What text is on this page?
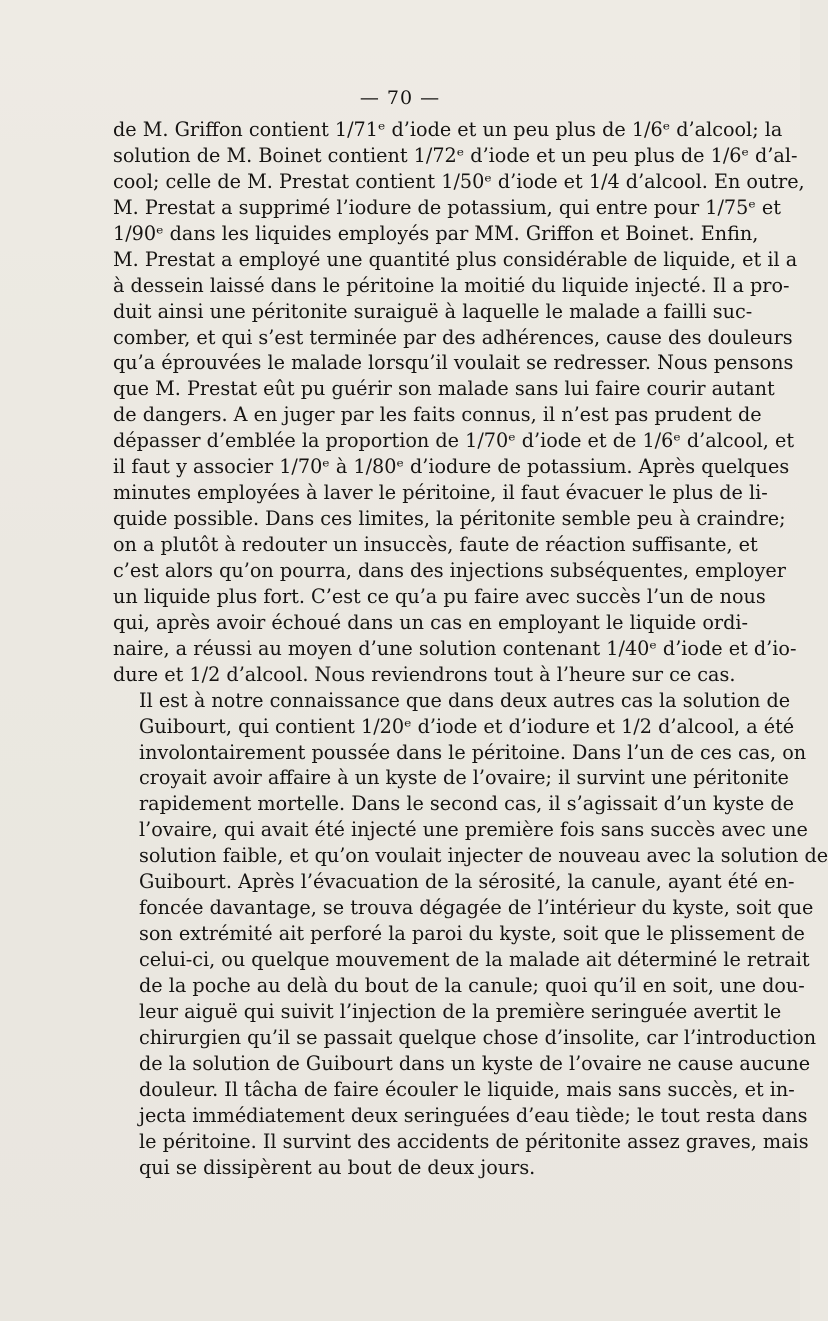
— 70 —

de M. Griffon contient 1/71ᵉ d’iode et un peu plus de 1/6ᵉ d’alcool; la
solution de M. Boinet contient 1/72ᵉ d’iode et un peu plus de 1/6ᵉ d’al-
cool; celle de M. Prestat contient 1/50ᵉ d’iode et 1/4 d’alcool. En outre,
M. Prestat a supprimé l’iodure de potassium, qui entre pour 1/75ᵉ et
1/90ᵉ dans les liquides employés par MM. Griffon et Boinet. Enfin,
M. Prestat a employé une quantité plus considérable de liquide, et il a
à dessein laissé dans le péritoine la moitié du liquide injecté. Il a pro-
duit ainsi une péritonite suraiguë à laquelle le malade a failli suc-
comber, et qui s’est terminée par des adhérences, cause des douleurs
qu’a éprouvées le malade lorsqu’il voulait se redresser. Nous pensons
que M. Prestat eût pu guérir son malade sans lui faire courir autant
de dangers. A en juger par les faits connus, il n’est pas prudent de
dépasser d’emblée la proportion de 1/70ᵉ d’iode et de 1/6ᵉ d’alcool, et
il faut y associer 1/70ᵉ à 1/80ᵉ d’iodure de potassium. Après quelques
minutes employées à laver le péritoine, il faut évacuer le plus de li-
quide possible. Dans ces limites, la péritonite semble peu à craindre;
on a plutôt à redouter un insuccès, faute de réaction suffisante, et
c’est alors qu’on pourra, dans des injections subséquentes, employer
un liquide plus fort. C’est ce qu’a pu faire avec succès l’un de nous
qui, après avoir échoué dans un cas en employant le liquide ordi-
naire, a réussi au moyen d’une solution contenant 1/40ᵉ d’iode et d’io-
dure et 1/2 d’alcool. Nous reviendrons tout à l’heure sur ce cas.

Il est à notre connaissance que dans deux autres cas la solution de
Guibourt, qui contient 1/20ᵉ d’iode et d’iodure et 1/2 d’alcool, a été
involontairement poussée dans le péritoine. Dans l’un de ces cas, on
croyait avoir affaire à un kyste de l’ovaire; il survint une péritonite
rapidement mortelle. Dans le second cas, il s’agissait d’un kyste de
l’ovaire, qui avait été injecté une première fois sans succès avec une
solution faible, et qu’on voulait injecter de nouveau avec la solution de
Guibourt. Après l’évacuation de la sérosité, la canule, ayant été en-
foncée davantage, se trouva dégagée de l’intérieur du kyste, soit que
son extrémité ait perforé la paroi du kyste, soit que le plissement de
celui-ci, ou quelque mouvement de la malade ait déterminé le retrait
de la poche au delà du bout de la canule; quoi qu’il en soit, une dou-
leur aiguë qui suivit l’injection de la première seringuée avertit le
chirurgien qu’il se passait quelque chose d’insolite, car l’introduction
de la solution de Guibourt dans un kyste de l’ovaire ne cause aucune
douleur. Il tâcha de faire écouler le liquide, mais sans succès, et in-
jecta immédiatement deux seringuées d’eau tiède; le tout resta dans
le péritoine. Il survint des accidents de péritonite assez graves, mais
qui se dissipèrent au bout de deux jours.
